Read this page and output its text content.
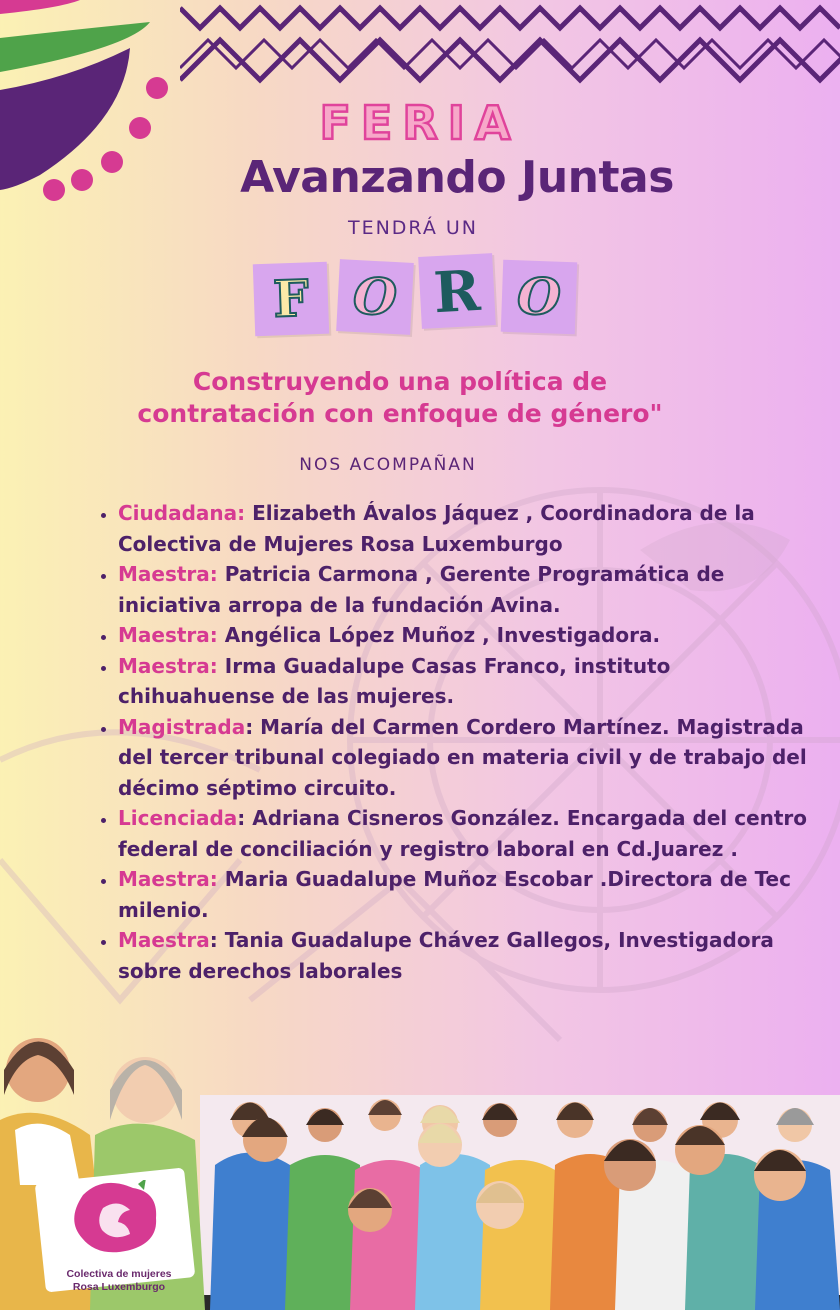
FERIA
Avanzando Juntas
TENDRÁ UN
F O R O
Construyendo una política de
contratación con enfoque de género"
NOS ACOMPAÑAN
• Ciudadana: Elizabeth Ávalos Jáquez , Coordinadora de la Colectiva de Mujeres Rosa Luxemburgo
• Maestra: Patricia Carmona , Gerente Programática de iniciativa arropa de la fundación Avina.
• Maestra: Angélica López Muñoz , Investigadora.
• Maestra: Irma Guadalupe Casas Franco, instituto chihuahuense de las mujeres.
• Magistrada: María del Carmen Cordero Martínez. Magistrada del tercer tribunal colegiado en materia civil y de trabajo del décimo séptimo circuito.
• Licenciada: Adriana Cisneros González. Encargada del centro federal de conciliación y registro laboral en Cd.Juarez .
• Maestra: Maria Guadalupe Muñoz Escobar .Directora de Tec milenio.
• Maestra: Tania Guadalupe Chávez Gallegos, Investigadora sobre derechos laborales
Colectiva de mujeres
Rosa Luxemburgo
